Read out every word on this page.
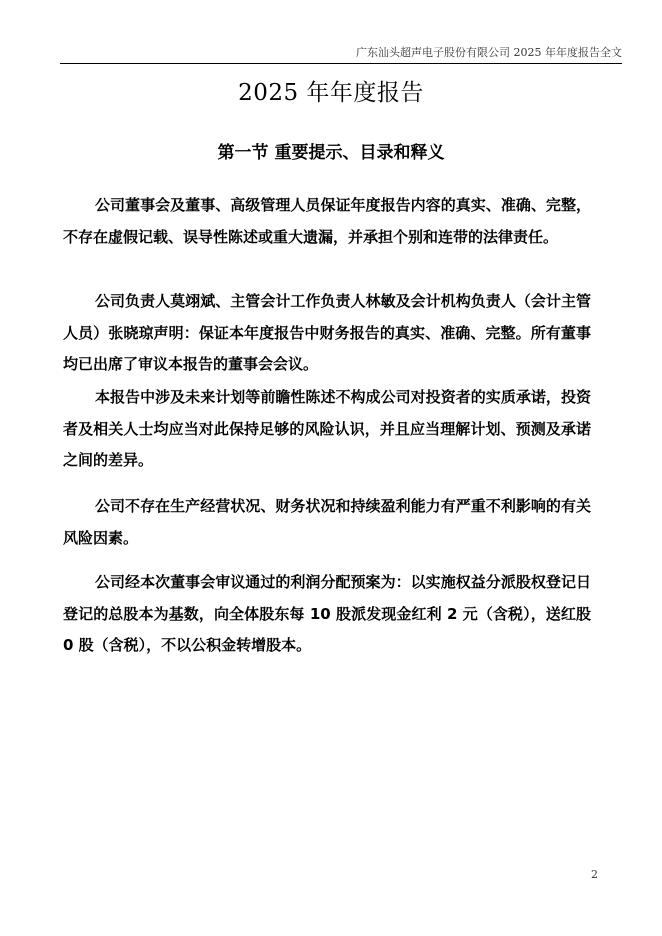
广东汕头超声电子股份有限公司 2025 年年度报告全文
2025 年年度报告
第一节 重要提示、目录和释义
公司董事会及董事、高级管理人员保证年度报告内容的真实、准确、完整，不存在虚假记载、误导性陈述或重大遗漏，并承担个别和连带的法律责任。
公司负责人莫翊斌、主管会计工作负责人林敏及会计机构负责人（会计主管人员）张晓琼声明：保证本年度报告中财务报告的真实、准确、完整。所有董事均已出席了审议本报告的董事会会议。
本报告中涉及未来计划等前瞻性陈述不构成公司对投资者的实质承诺，投资者及相关人士均应当对此保持足够的风险认识，并且应当理解计划、预测及承诺之间的差异。
公司不存在生产经营状况、财务状况和持续盈利能力有严重不利影响的有关风险因素。
公司经本次董事会审议通过的利润分配预案为：以实施权益分派股权登记日登记的总股本为基数，向全体股东每 10 股派发现金红利 2 元（含税），送红股 0 股（含税），不以公积金转增股本。
2
